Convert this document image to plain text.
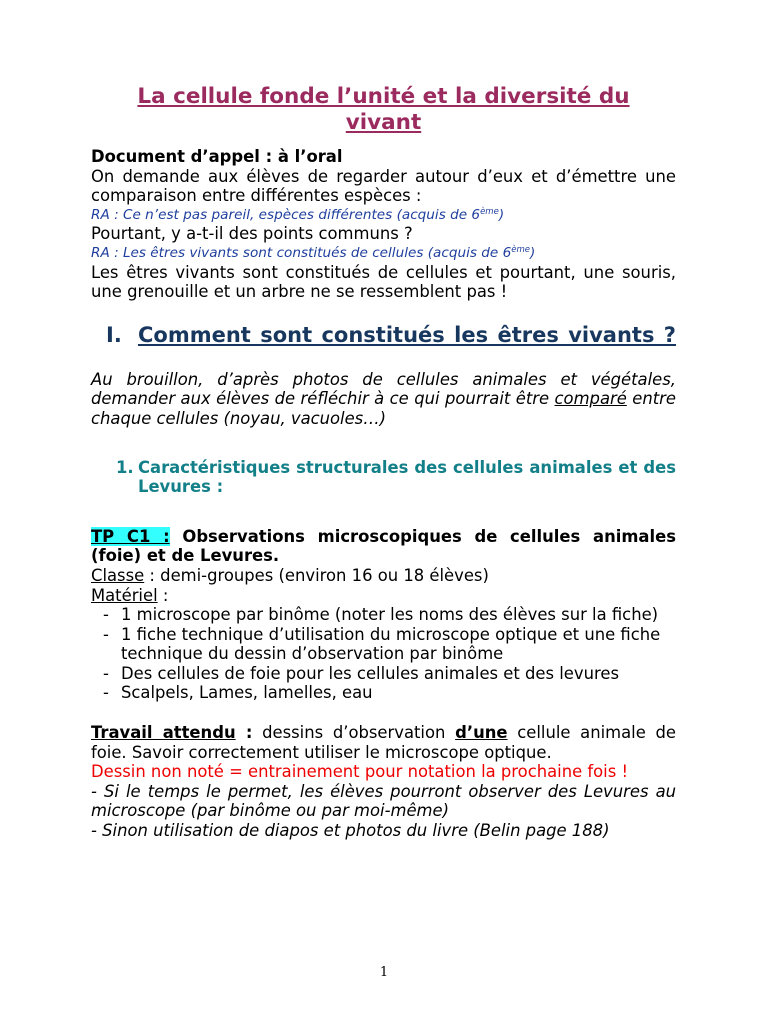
La cellule fonde l’unité et la diversité du vivant
Document d’appel : à l’oral
On demande aux élèves de regarder autour d’eux et d’émettre une comparaison entre différentes espèces :
RA : Ce n’est pas pareil, espèces différentes (acquis de 6ème)
Pourtant, y a-t-il des points communs ?
RA : Les êtres vivants sont constitués de cellules (acquis de 6ème)
Les êtres vivants sont constitués de cellules et pourtant, une souris, une grenouille et un arbre ne se ressemblent pas !
I. Comment sont constitués les êtres vivants ?
Au brouillon, d’après photos de cellules animales et végétales, demander aux élèves de réfléchir à ce qui pourrait être comparé entre chaque cellules (noyau, vacuoles…)
1. Caractéristiques structurales des cellules animales et des Levures :
TP C1 : Observations microscopiques de cellules animales (foie) et de Levures.
Classe : demi-groupes (environ 16 ou 18 élèves)
Matériel :
- 1 microscope par binôme (noter les noms des élèves sur la fiche)
- 1 fiche technique d’utilisation du microscope optique et une fiche technique du dessin d’observation par binôme
- Des cellules de foie pour les cellules animales et des levures
- Scalpels, Lames, lamelles, eau
Travail attendu : dessins d’observation d’une cellule animale de foie. Savoir correctement utiliser le microscope optique.
Dessin non noté = entrainement pour notation la prochaine fois !
- Si le temps le permet, les élèves pourront observer des Levures au microscope (par binôme ou par moi-même)
- Sinon utilisation de diapos et photos du livre (Belin page 188)
1
